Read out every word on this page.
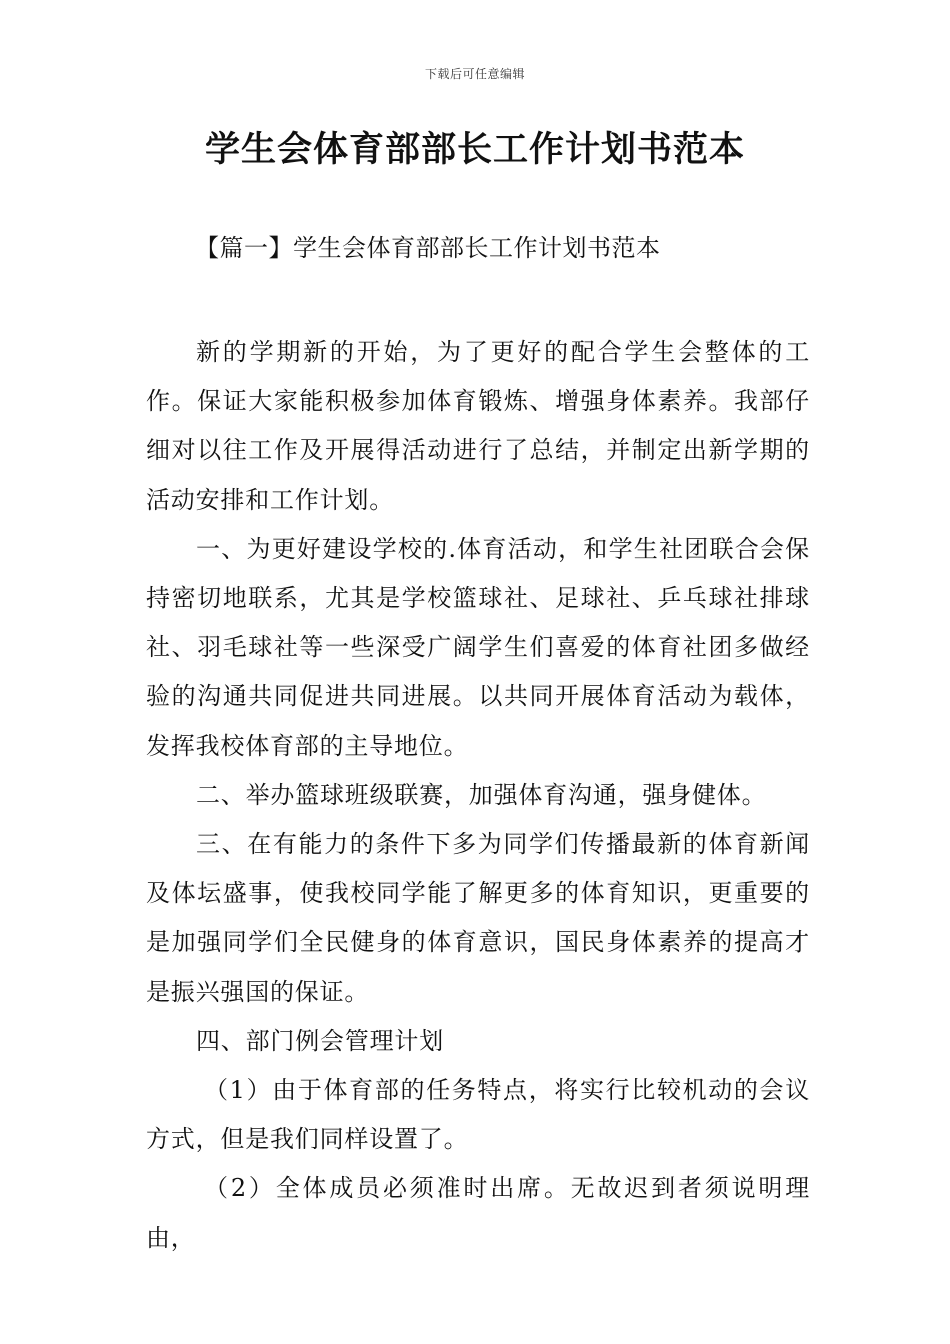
下载后可任意编辑
学生会体育部部长工作计划书范本
【篇一】学生会体育部部长工作计划书范本

新的学期新的开始，为了更好的配合学生会整体的工作。保证大家能积极参加体育锻炼、增强身体素养。我部仔细对以往工作及开展得活动进行了总结，并制定出新学期的活动安排和工作计划。

一、为更好建设学校的.体育活动，和学生社团联合会保持密切地联系，尤其是学校篮球社、足球社、乒乓球社排球社、羽毛球社等一些深受广阔学生们喜爱的体育社团多做经验的沟通共同促进共同进展。以共同开展体育活动为载体，发挥我校体育部的主导地位。

二、举办篮球班级联赛，加强体育沟通，强身健体。

三、在有能力的条件下多为同学们传播最新的体育新闻及体坛盛事，使我校同学能了解更多的体育知识，更重要的是加强同学们全民健身的体育意识，国民身体素养的提高才是振兴强国的保证。

四、部门例会管理计划

（1）由于体育部的任务特点，将实行比较机动的会议方式，但是我们同样设置了。

（2）全体成员必须准时出席。无故迟到者须说明理由，
